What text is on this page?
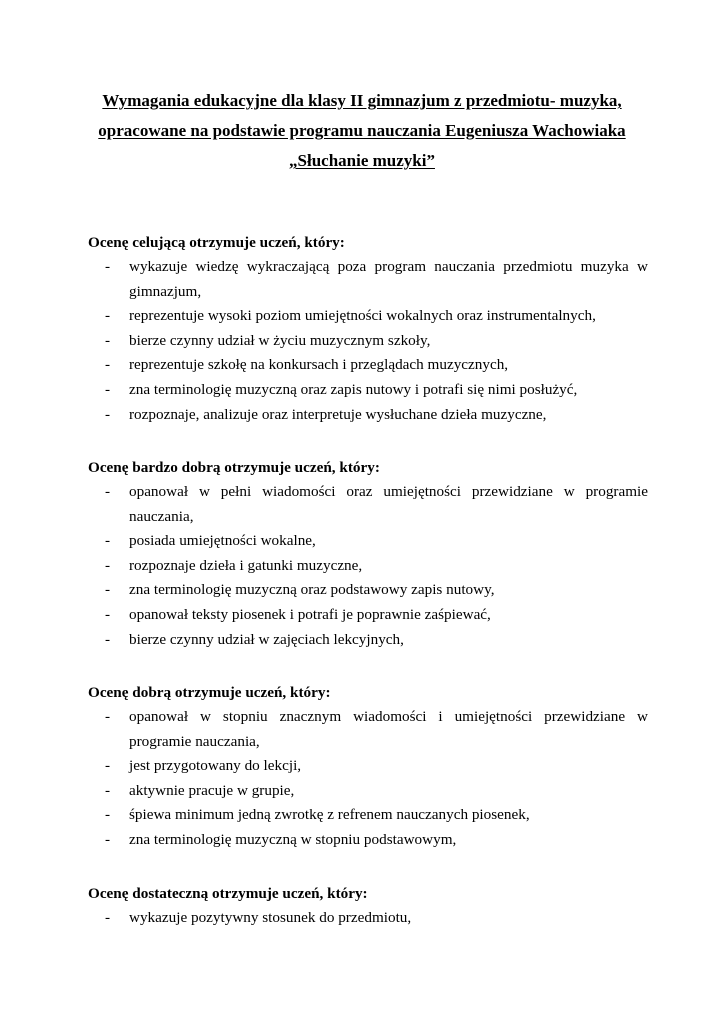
Wymagania edukacyjne dla klasy II gimnazjum z przedmiotu- muzyka,
opracowane na podstawie programu nauczania Eugeniusza Wachowiaka
„Słuchanie muzyki”

Ocenę celującą otrzymuje uczeń, który:

- wykazuje wiedzę wykraczającą poza program nauczania przedmiotu muzyka w gimnazjum,
- reprezentuje wysoki poziom umiejętności wokalnych oraz instrumentalnych,
- bierze czynny udział w życiu muzycznym szkoły,
- reprezentuje szkołę na konkursach i przeglądach muzycznych,
- zna terminologię muzyczną oraz zapis nutowy i potrafi się nimi posłużyć,
- rozpoznaje, analizuje oraz interpretuje wysłuchane dzieła muzyczne,

Ocenę bardzo dobrą otrzymuje uczeń, który:

- opanował w pełni wiadomości oraz umiejętności przewidziane w programie nauczania,
- posiada umiejętności wokalne,
- rozpoznaje dzieła i gatunki muzyczne,
- zna terminologię muzyczną oraz podstawowy zapis nutowy,
- opanował teksty piosenek i potrafi je poprawnie zaśpiewać,
- bierze czynny udział w zajęciach lekcyjnych,

Ocenę dobrą otrzymuje uczeń, który:

- opanował w stopniu znacznym wiadomości i umiejętności przewidziane w programie nauczania,
- jest przygotowany do lekcji,
- aktywnie pracuje w grupie,
- śpiewa minimum jedną zwrotkę z refrenem nauczanych piosenek,
- zna terminologię muzyczną w stopniu podstawowym,

Ocenę dostateczną otrzymuje uczeń, który:

- wykazuje pozytywny stosunek do przedmiotu,
